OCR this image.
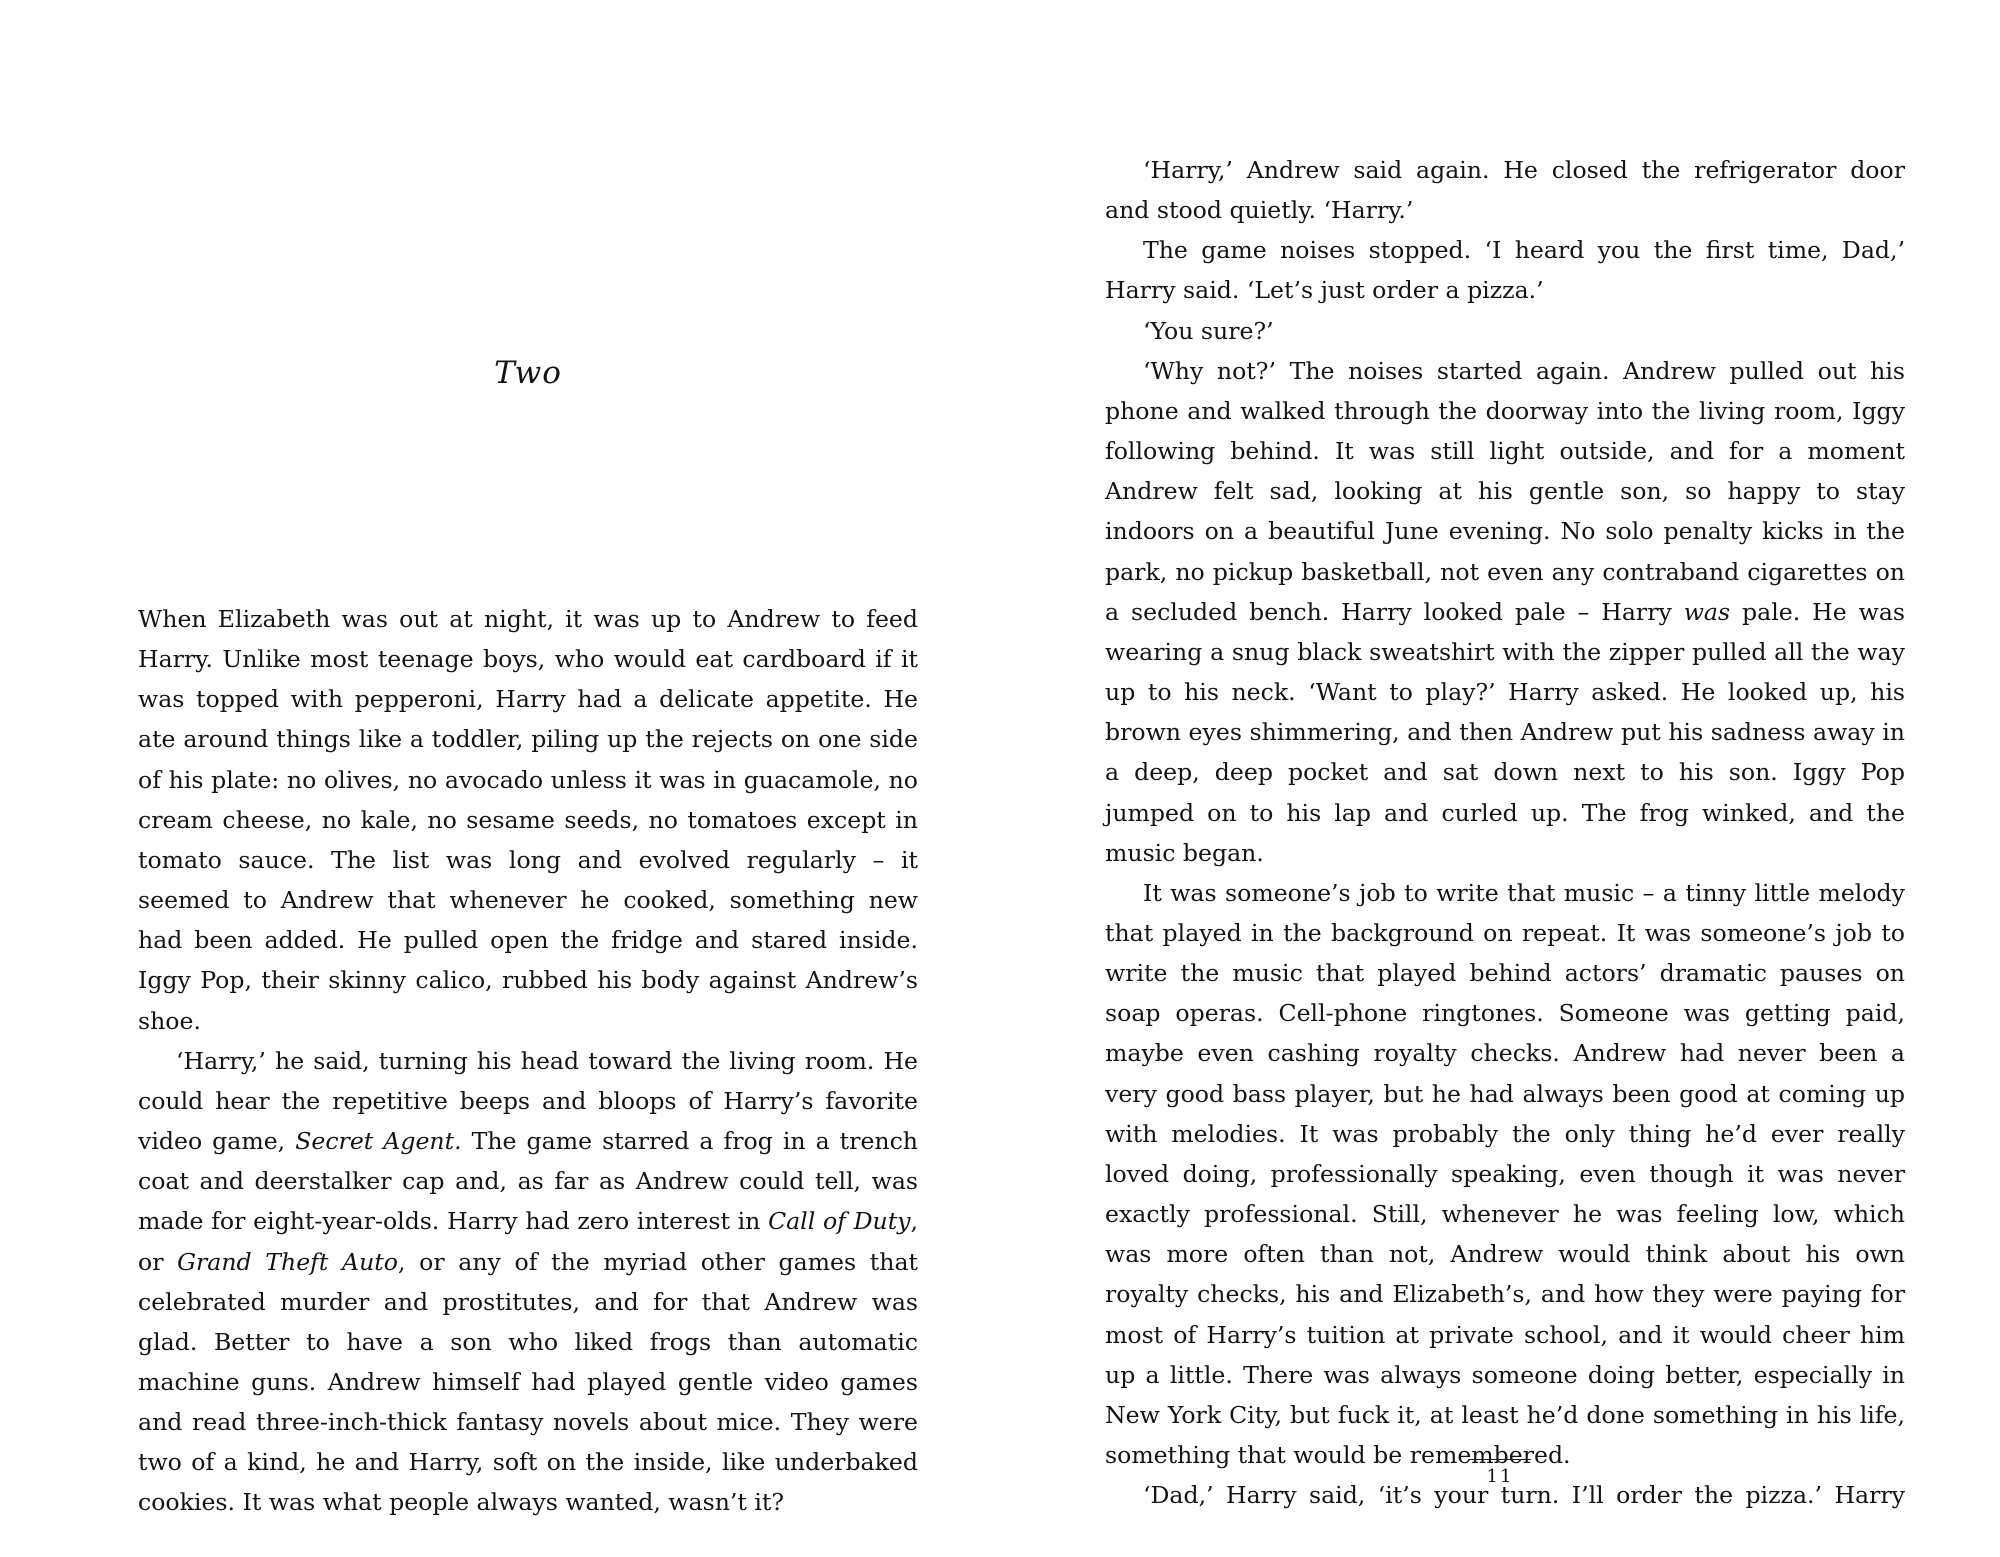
Two

When Elizabeth was out at night, it was up to Andrew to feed Harry. Unlike most teenage boys, who would eat cardboard if it was topped with pepperoni, Harry had a delicate appetite. He ate around things like a toddler, piling up the rejects on one side of his plate: no olives, no avocado unless it was in guacamole, no cream cheese, no kale, no sesame seeds, no tomatoes except in tomato sauce. The list was long and evolved regularly – it seemed to Andrew that whenever he cooked, something new had been added. He pulled open the fridge and stared inside. Iggy Pop, their skinny calico, rubbed his body against Andrew’s shoe.

‘Harry,’ he said, turning his head toward the living room. He could hear the repetitive beeps and bloops of Harry’s favorite video game, Secret Agent. The game starred a frog in a trench coat and deerstalker cap and, as far as Andrew could tell, was made for eight-year-olds. Harry had zero interest in Call of Duty, or Grand Theft Auto, or any of the myriad other games that celebrated murder and prostitutes, and for that Andrew was glad. Better to have a son who liked frogs than automatic machine guns. Andrew himself had played gentle video games and read three-inch-thick fantasy novels about mice. They were two of a kind, he and Harry, soft on the inside, like underbaked cookies. It was what people always wanted, wasn’t it?

‘Harry,’ Andrew said again. He closed the refrigerator door and stood quietly. ‘Harry.’

The game noises stopped. ‘I heard you the first time, Dad,’ Harry said. ‘Let’s just order a pizza.’

‘You sure?’

‘Why not?’ The noises started again. Andrew pulled out his phone and walked through the doorway into the living room, Iggy following behind. It was still light outside, and for a moment Andrew felt sad, looking at his gentle son, so happy to stay indoors on a beautiful June evening. No solo penalty kicks in the park, no pickup basketball, not even any contraband cigarettes on a secluded bench. Harry looked pale – Harry was pale. He was wearing a snug black sweatshirt with the zipper pulled all the way up to his neck. ‘Want to play?’ Harry asked. He looked up, his brown eyes shimmering, and then Andrew put his sadness away in a deep, deep pocket and sat down next to his son. Iggy Pop jumped on to his lap and curled up. The frog winked, and the music began.

It was someone’s job to write that music – a tinny little melody that played in the background on repeat. It was someone’s job to write the music that played behind actors’ dramatic pauses on soap operas. Cell-phone ringtones. Someone was getting paid, maybe even cashing royalty checks. Andrew had never been a very good bass player, but he had always been good at coming up with melodies. It was probably the only thing he’d ever really loved doing, professionally speaking, even though it was never exactly professional. Still, whenever he was feeling low, which was more often than not, Andrew would think about his own royalty checks, his and Elizabeth’s, and how they were paying for most of Harry’s tuition at private school, and it would cheer him up a little. There was always someone doing better, especially in New York City, but fuck it, at least he’d done something in his life, something that would be remembered.

‘Dad,’ Harry said, ‘it’s your turn. I’ll order the pizza.’ Harry

11
